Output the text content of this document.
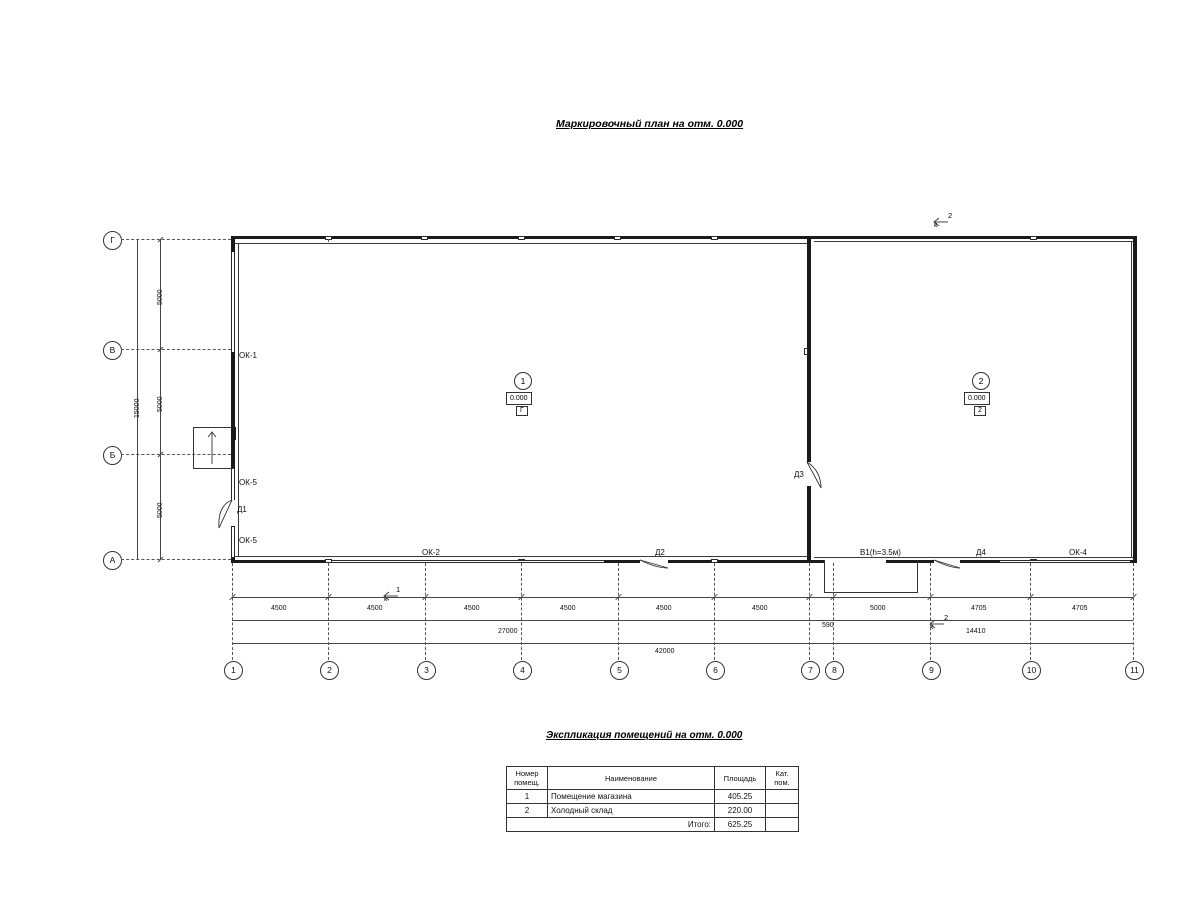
Маркировочный план на отм. 0.000
Экспликация помещений на отм. 0.000
Г
В
Б
А
5000
5000
5000
15000
ОК-1
ОК-5
ОК-5
ОК-2	ОК-4
Д1
Д2
Д3
Д4
В1(h=3.5м)
1
0.000
Г
2
0.000
2
к
2
к
1
к
2
4500	4500	4500	4500	4500	4500	5000	4705	4705
590
14410
27000
42000
1	2	3	4	5	6	7	8	9	10	11
Номер
помещ.	Наименование	Площадь	Кат.
пом.
1	Помещение магазина	405.25	
2	Холодный склад	220.00	
Итого:		625.25	
